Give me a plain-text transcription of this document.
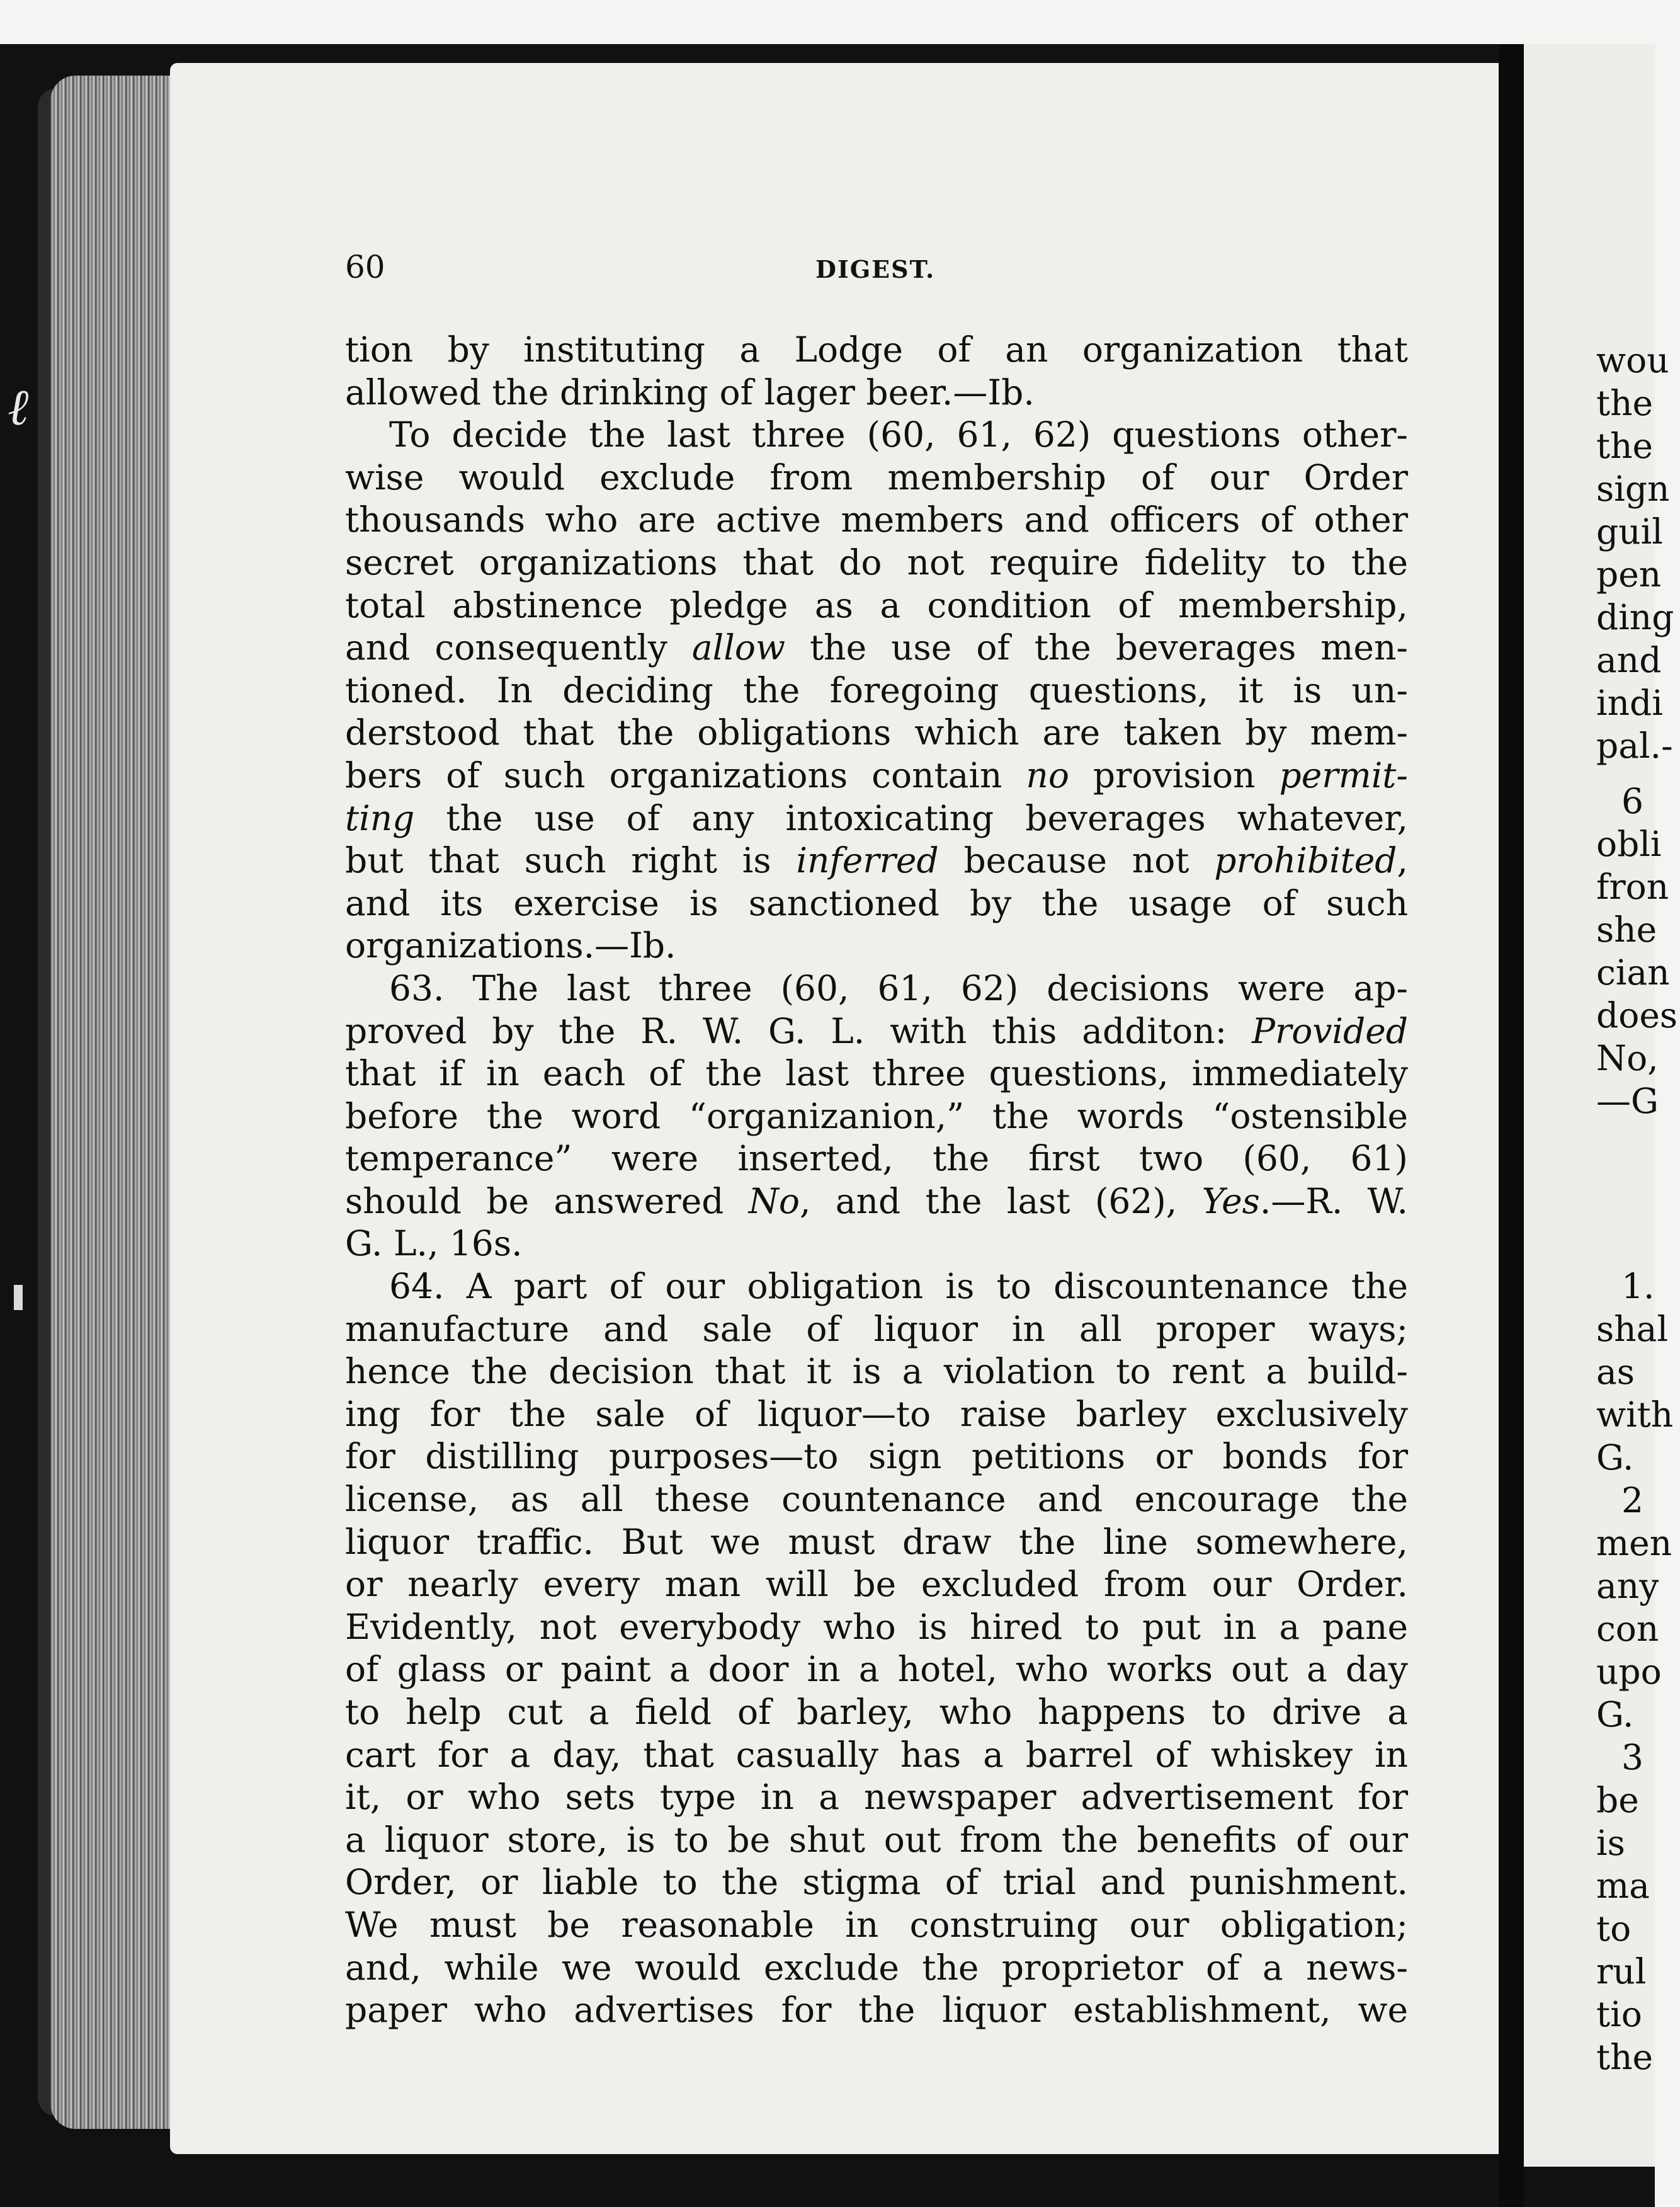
ℓ
60	DIGEST.
tion by instituting a Lodge of an organization that
allowed the drinking of lager beer.—Ib.
To decide the last three (60, 61, 62) questions other-
wise would exclude from membership of our Order
thousands who are active members and officers of other
secret organizations that do not require fidelity to the
total abstinence pledge as a condition of membership,
and consequently allow the use of the beverages men-
tioned. In deciding the foregoing questions, it is un-
derstood that the obligations which are taken by mem-
bers of such organizations contain no provision permit-
ting the use of any intoxicating beverages whatever,
but that such right is inferred because not prohibited,
and its exercise is sanctioned by the usage of such
organizations.—Ib.
63. The last three (60, 61, 62) decisions were ap-
proved by the R. W. G. L. with this additon: Provided
that if in each of the last three questions, immediately
before the word “organizanion,” the words “ostensible
temperance” were inserted, the first two (60, 61)
should be answered No, and the last (62), Yes.—R. W.
G. L., 16s.
64. A part of our obligation is to discountenance the
manufacture and sale of liquor in all proper ways;
hence the decision that it is a violation to rent a build-
ing for the sale of liquor—to raise barley exclusively
for distilling purposes—to sign petitions or bonds for
license, as all these countenance and encourage the
liquor traffic. But we must draw the line somewhere,
or nearly every man will be excluded from our Order.
Evidently, not everybody who is hired to put in a pane
of glass or paint a door in a hotel, who works out a day
to help cut a field of barley, who happens to drive a
cart for a day, that casually has a barrel of whiskey in
it, or who sets type in a newspaper advertisement for
a liquor store, is to be shut out from the benefits of our
Order, or liable to the stigma of trial and punishment.
We must be reasonable in construing our obligation;
and, while we would exclude the proprietor of a news-
paper who advertises for the liquor establishment, we
wou
the
the
sign
guil
pen
ding
and
indi
pal.-
6
obli
fron
she
cian
does
No,
—G
1.
shal
as
with
G.
2
men
any
con
upo
G.
3
be
is
ma
to
rul
tio
the
